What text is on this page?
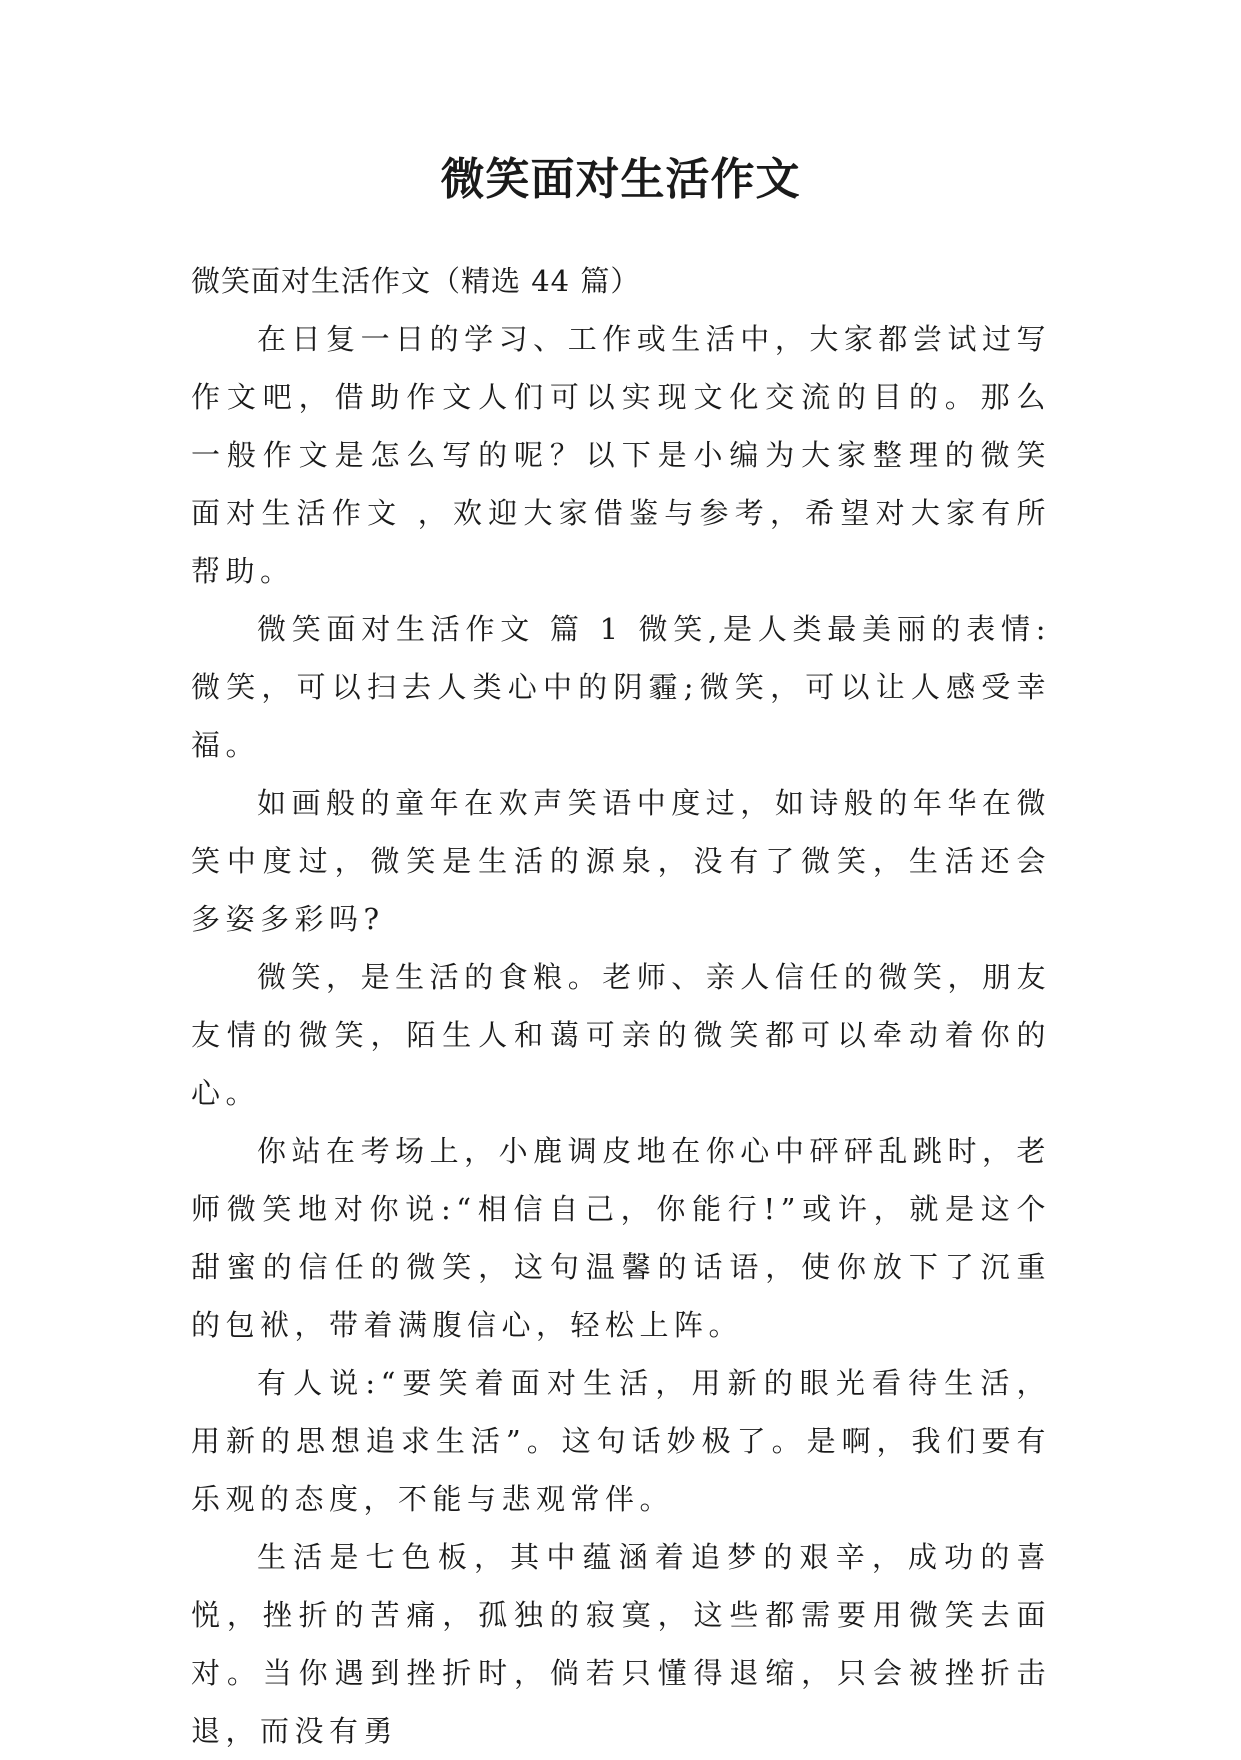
微笑面对生活作文

微笑面对生活作文（精选 44 篇）

在日复一日的学习、工作或生活中，大家都尝试过写作文吧，借助作文人们可以实现文化交流的目的。那么一般作文是怎么写的呢？以下是小编为大家整理的微笑面对生活作文 ，欢迎大家借鉴与参考，希望对大家有所帮助。

微笑面对生活作文 篇 1 微笑,是人类最美丽的表情:微笑，可以扫去人类心中的阴霾;微笑，可以让人感受幸福。

如画般的童年在欢声笑语中度过，如诗般的年华在微笑中度过，微笑是生活的源泉，没有了微笑，生活还会多姿多彩吗?

微笑，是生活的食粮。老师、亲人信任的微笑，朋友友情的微笑，陌生人和蔼可亲的微笑都可以牵动着你的心。

你站在考场上，小鹿调皮地在你心中砰砰乱跳时，老师微笑地对你说:“相信自己，你能行!”或许，就是这个甜蜜的信任的微笑，这句温馨的话语，使你放下了沉重的包袱，带着满腹信心，轻松上阵。

有人说:“要笑着面对生活，用新的眼光看待生活，用新的思想追求生活”。这句话妙极了。是啊，我们要有乐观的态度，不能与悲观常伴。

生活是七色板，其中蕴涵着追梦的艰辛，成功的喜悦，挫折的苦痛，孤独的寂寞，这些都需要用微笑去面对。当你遇到挫折时，倘若只懂得退缩，只会被挫折击退，而没有勇
